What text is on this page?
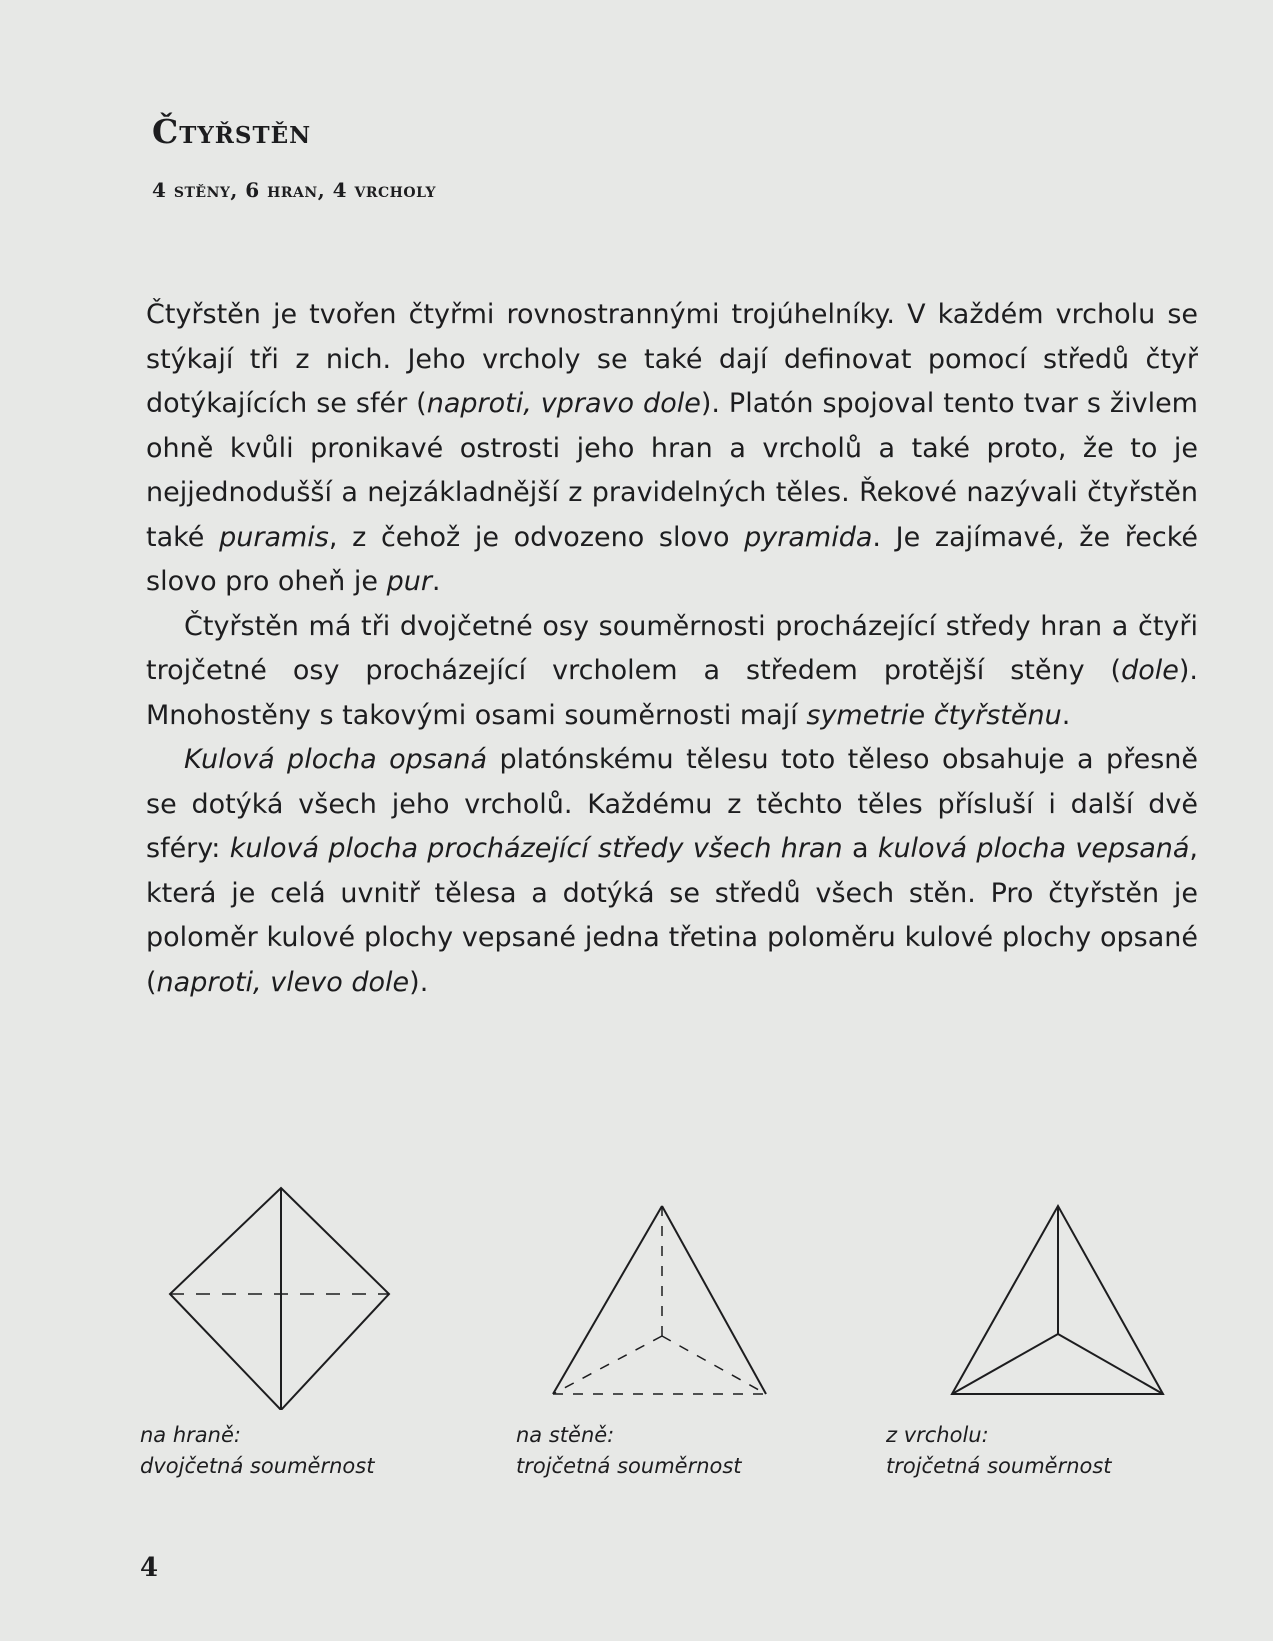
Čtyřstěn
4 stěny, 6 hran, 4 vrcholy

Čtyřstěn je tvořen čtyřmi rovnostrannými trojúhelníky. V každém vrcholu se stýkají tři z nich. Jeho vrcholy se také dají definovat pomocí středů čtyř dotýkajících se sfér (naproti, vpravo dole). Platón spojoval tento tvar s živlem ohně kvůli pronikavé ostrosti jeho hran a vrcholů a také proto, že to je nejjednodušší a nejzákladnější z pravidelných těles. Řekové nazývali čtyřstěn také puramis, z čehož je odvozeno slovo pyramida. Je zajímavé, že řecké slovo pro oheň je pur.

Čtyřstěn má tři dvojčetné osy souměrnosti procházející středy hran a čtyři trojčetné osy procházející vrcholem a středem protější stěny (dole). Mnohostěny s takovými osami souměrnosti mají symetrie čtyřstěnu.

Kulová plocha opsaná platónskému tělesu toto těleso obsahuje a přesně se dotýká všech jeho vrcholů. Každému z těchto těles přísluší i další dvě sféry: kulová plocha procházející středy všech hran a kulová plocha vepsaná, která je celá uvnitř tělesa a dotýká se středů všech stěn. Pro čtyřstěn je poloměr kulové plochy vepsané jedna třetina poloměru kulové plochy opsané (naproti, vlevo dole).

na hraně:
dvojčetná souměrnost
na stěně:
trojčetná souměrnost
z vrcholu:
trojčetná souměrnost
4
